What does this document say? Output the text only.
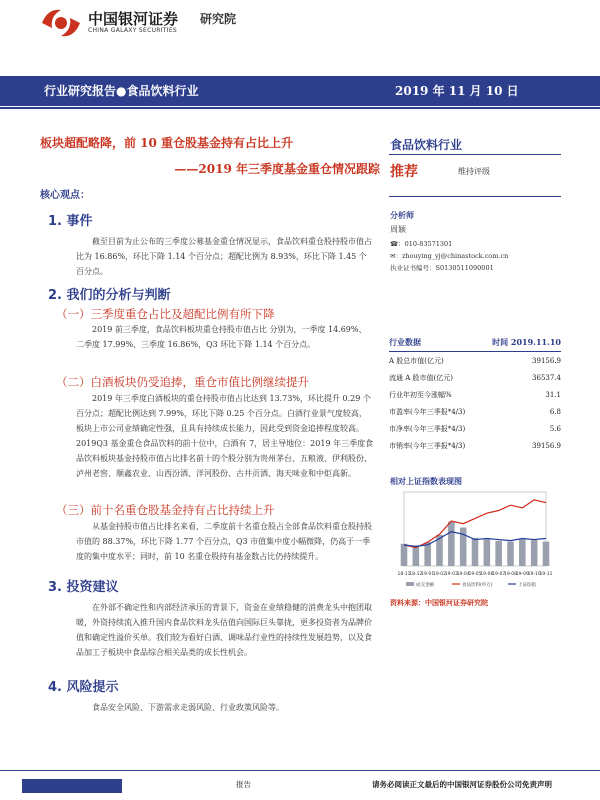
中国银河证券 研究院
CHINA GALAXY SECURITIES
行业研究报告●食品饮料行业	2019 年 11 月 10 日
板块超配略降，前 10 重仓股基金持有占比上升
——2019 年三季度基金重仓情况跟踪
核心观点：
1. 事件
截至目前为止公布的三季度公募基金重仓情况显示，食品饮料重仓股持股市值占比为 16.86%，环比下降 1.14 个百分点；超配比例为 8.93%，环比下降 1.45 个百分点。
2. 我们的分析与判断
（一）三季度重仓占比及超配比例有所下降
2019 前三季度，食品饮料板块重仓持股市值占比 分别为，一季度 14.69%、二季度 17.99%、三季度 16.86%，Q3 环比下降 1.14 个百分点。
（二）白酒板块仍受追捧，重仓市值比例继续提升
2019 年三季度白酒板块的重仓持股市值占比达到 13.73%，环比提升 0.29 个百分点；超配比例达到 7.99%，环比下降 0.25 个百分点。白酒行业景气度较高，板块上市公司业绩确定性强，且具有持续成长能力，因此受到资金追捧程度较高。2019Q3 基金重仓食品饮料的前十位中，白酒有 7，居主导地位：2019 年三季度食品饮料板块基金持股市值占比排名前十的个股分别为贵州茅台、五粮液、伊利股份、泸州老窖、顺鑫农业、山西汾酒、洋河股份、古井贡酒、海天味业和中炬高新。
（三）前十名重仓股基金持有占比持续上升
从基金持股市值占比排名来看，二季度前十名重仓股占全部食品饮料重仓股持股市值的 88.37%，环比下降 1.77 个百分点，Q3 市值集中度小幅微降，仍高于一季度的集中度水平；同时，前 10 名重仓股持有基金数占比仍持续提升。
3. 投资建议
在外部不确定性和内部经济承压的背景下，资金在业绩稳健的消费龙头中抱团取暖，外资持续流入推升国内食品饮料龙头估值向国际巨头靠拢，更多投资者为品牌价值和确定性溢价买单。我们较为看好白酒、调味品行业性的持续性发展趋势，以及食品加工子板块中食品综合相关品类的成长性机会。
4. 风险提示
食品安全风险、下游需求走弱风险、行业政策风险等。
食品饮料行业
推荐	维持评级
分析师
周颖
☎：010-83571301
✉：zhouying_yj@chinastock.com.cn
执业证书编号：S0130511090001
行业数据	时间 2019.11.10
A 股总市值(亿元)	39156.9
流通 A 股市值(亿元)	36537.4
行业年初至今涨幅%	31.1
市盈率(今年三季报*4/3)	6.8
市净率(今年三季报*4/3)	5.6
市销率(今年三季报*4/3)	39156.9
相对上证指数表现图
18-11
18-12
19-01
19-02
19-03
19-04
19-05
19-06
19-07
19-08
19-09
19-10
19-11
成交金额	食品饮料(申万)	上证综指
资料来源：中国银河证券研究院
报告	请务必阅读正文最后的中国银河证券股份公司免责声明
